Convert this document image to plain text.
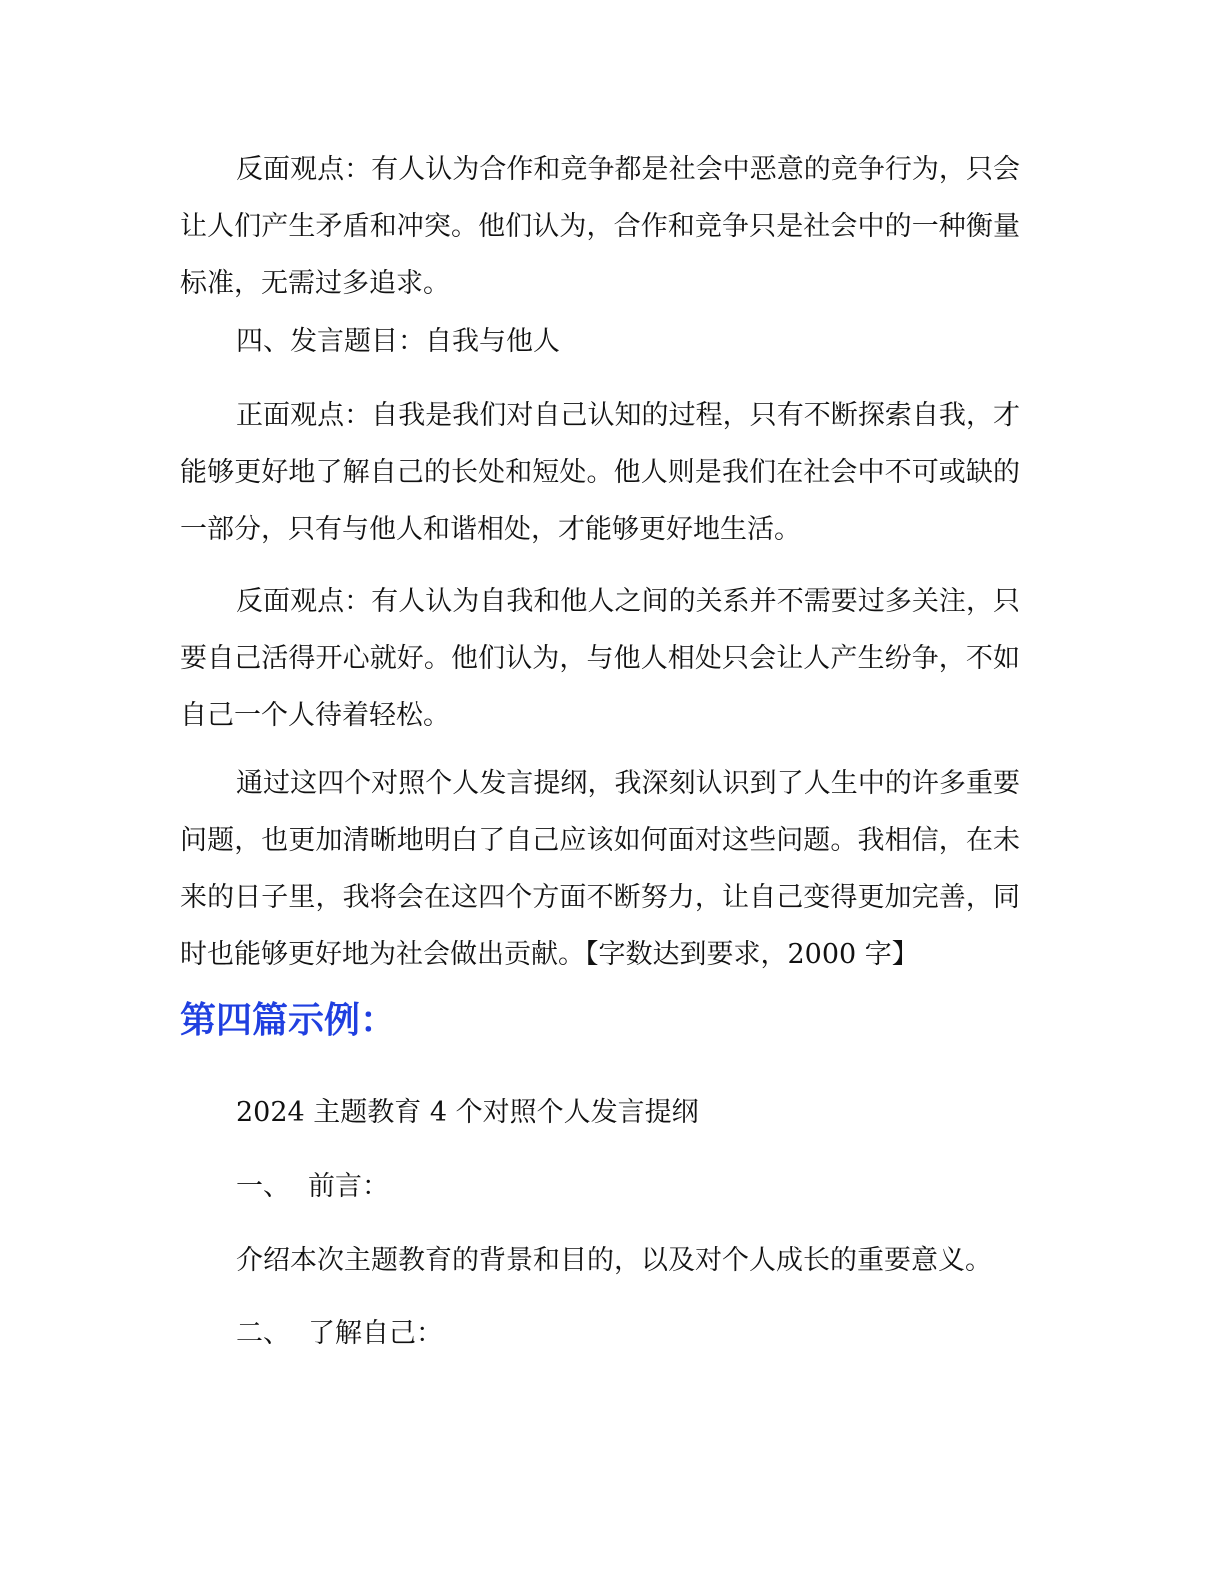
反面观点：有人认为合作和竞争都是社会中恶意的竞争行为，只会让人们产生矛盾和冲突。他们认为，合作和竞争只是社会中的一种衡量标准，无需过多追求。

四、发言题目：自我与他人

正面观点：自我是我们对自己认知的过程，只有不断探索自我，才能够更好地了解自己的长处和短处。他人则是我们在社会中不可或缺的一部分，只有与他人和谐相处，才能够更好地生活。

反面观点：有人认为自我和他人之间的关系并不需要过多关注，只要自己活得开心就好。他们认为，与他人相处只会让人产生纷争，不如自己一个人待着轻松。

通过这四个对照个人发言提纲，我深刻认识到了人生中的许多重要问题，也更加清晰地明白了自己应该如何面对这些问题。我相信，在未来的日子里，我将会在这四个方面不断努力，让自己变得更加完善，同时也能够更好地为社会做出贡献。【字数达到要求，2000 字】

第四篇示例：

2024 主题教育 4 个对照个人发言提纲

一、 前言：

介绍本次主题教育的背景和目的，以及对个人成长的重要意义。

二、 了解自己：
